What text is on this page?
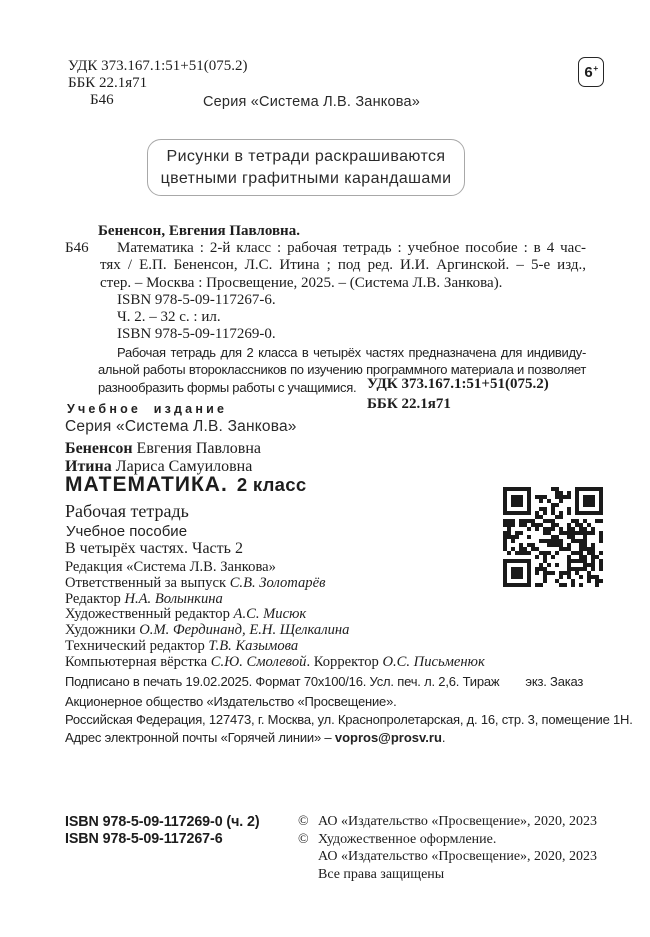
УДК 373.167.1:51+51(075.2)
ББК 22.1я71
Б46	Серия «Система Л.В. Занкова»
6 +
Рисунки в тетради раскрашиваются
цветными графитными карандашами
Бененсон, Евгения Павловна.
Б46	Математика : 2-й класс : рабочая тетрадь : учебное пособие : в 4 час-
тях / Е.П. Бененсон, Л.С. Итина ; под ред. И.И. Аргинской. – 5-е изд.,
стер. – Москва : Просвещение, 2025. – (Система Л.В. Занкова).
ISBN 978-5-09-117267-6.
Ч. 2. – 32 с. : ил.
ISBN 978-5-09-117269-0.
Рабочая тетрадь для 2 класса в четырёх частях предназначена для индивиду-
альной работы второклассников по изучению программного материала и позволяет
разнообразить формы работы с учащимися. УДК 373.167.1:51+51(075.2)
ББК 22.1я71
Учебное издание
Серия «Система Л.В. Занкова»
Бененсон Евгения Павловна
Итина Лариса Самуиловна
МАТЕМАТИКА. 2 класс
Рабочая тетрадь
Учебное пособие
В четырёх частях. Часть 2
Редакция «Система Л.В. Занкова»
Ответственный за выпуск С.В. Золотарёв
Редактор Н.А. Волынкина
Художественный редактор А.С. Мисюк
Художники О.М. Фердинанд, Е.Н. Щелкалина
Технический редактор Т.В. Казымова
Компьютерная вёрстка С.Ю. Смолевой. Корректор О.С. Письменюк
Подписано в печать 19.02.2025. Формат 70х100/16. Усл. печ. л. 2,6. Тираж экз. Заказ
Акционерное общество «Издательство «Просвещение».
Российская Федерация, 127473, г. Москва, ул. Краснопролетарская, д. 16, стр. 3, помещение 1Н.
Адрес электронной почты «Горячей линии» – vopros@prosv.ru.
ISBN 978-5-09-117269-0 (ч. 2)
ISBN 978-5-09-117267-6
© АО «Издательство «Просвещение», 2020, 2023
© Художественное оформление.
АО «Издательство «Просвещение», 2020, 2023
Все права защищены
